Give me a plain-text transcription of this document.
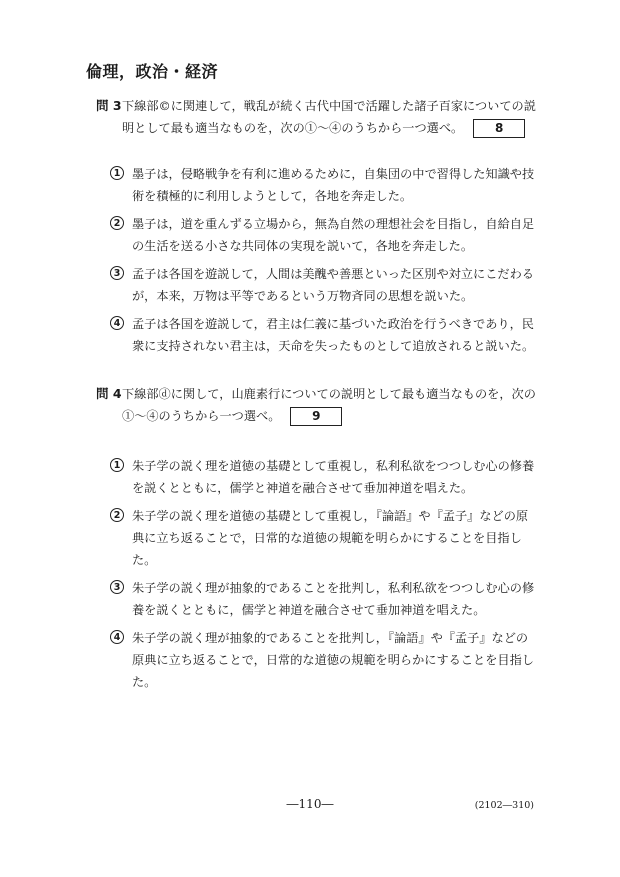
倫理，政治・経済
問 3 下線部©に関連して，戦乱が続く古代中国で活躍した諸子百家についての説明として最も適当なものを，次の①～④のうちから一つ選べ。	8
1 墨子は，侵略戦争を有利に進めるために，自集団の中で習得した知識や技術を積極的に利用しようとして，各地を奔走した。
2 墨子は，道を重んずる立場から，無為自然の理想社会を目指し，自給自足の生活を送る小さな共同体の実現を説いて，各地を奔走した。
3 孟子は各国を遊説して，人間は美醜や善悪といった区別や対立にこだわるが，本来，万物は平等であるという万物斉同の思想を説いた。
4 孟子は各国を遊説して，君主は仁義に基づいた政治を行うべきであり，民衆に支持されない君主は，天命を失ったものとして追放されると説いた。
問 4 下線部ⓓに関して，山鹿素行についての説明として最も適当なものを，次の①～④のうちから一つ選べ。	9
1 朱子学の説く理を道徳の基礎として重視し，私利私欲をつつしむ心の修養を説くとともに，儒学と神道を融合させて垂加神道を唱えた。
2 朱子学の説く理を道徳の基礎として重視し，『論語』や『孟子』などの原典に立ち返ることで，日常的な道徳の規範を明らかにすることを目指した。
3 朱子学の説く理が抽象的であることを批判し，私利私欲をつつしむ心の修養を説くとともに，儒学と神道を融合させて垂加神道を唱えた。
4 朱子学の説く理が抽象的であることを批判し，『論語』や『孟子』などの原典に立ち返ることで，日常的な道徳の規範を明らかにすることを目指した。
―110―	(2102―310)
